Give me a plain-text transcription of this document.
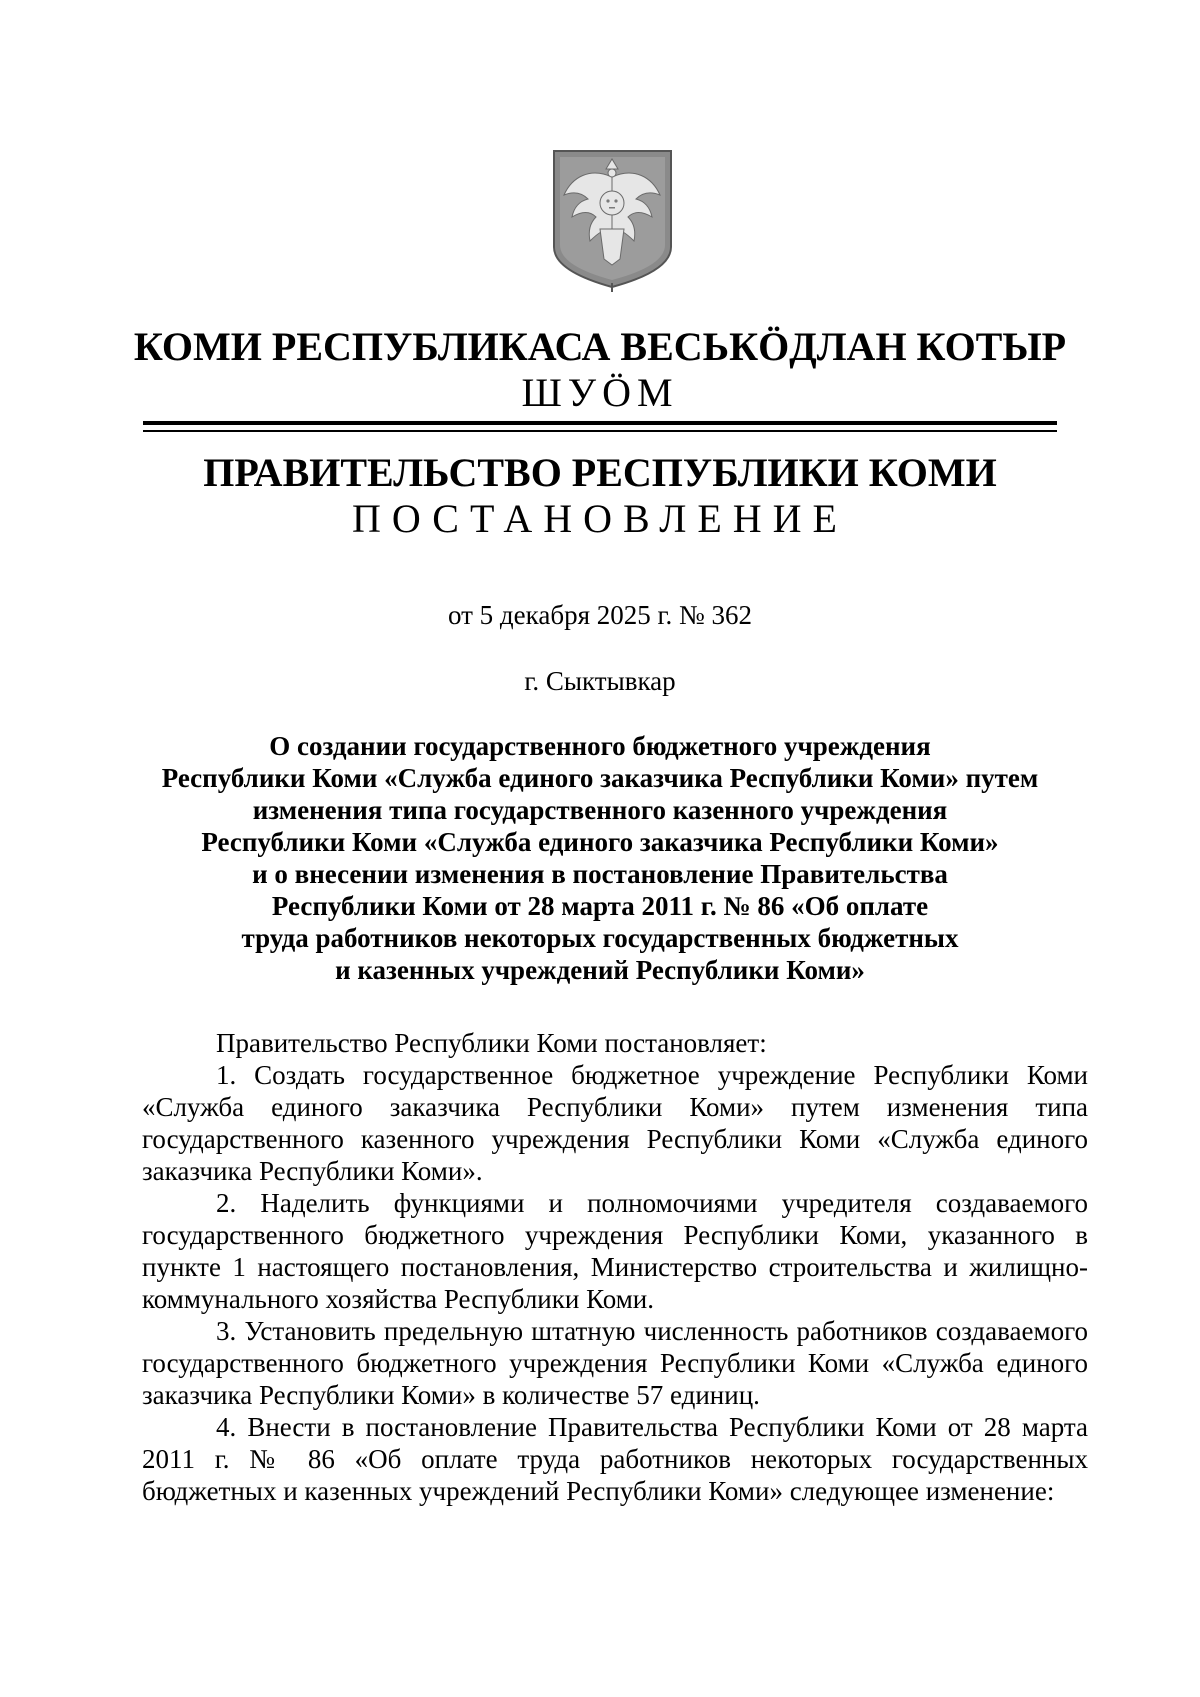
КОМИ РЕСПУБЛИКАСА ВЕСЬКӦДЛАН КОТЫР

ШУӦМ

ПРАВИТЕЛЬСТВО РЕСПУБЛИКИ КОМИ

ПОСТАНОВЛЕНИЕ

от 5 декабря 2025 г. № 362
г. Сыктывкар
О создании государственного бюджетного учреждения
Республики Коми «Служба единого заказчика Республики Коми» путем
изменения типа государственного казенного учреждения
Республики Коми «Служба единого заказчика Республики Коми»
и о внесении изменения в постановление Правительства
Республики Коми от 28 марта 2011 г. № 86 «Об оплате
труда работников некоторых государственных бюджетных
и казенных учреждений Республики Коми»

Правительство Республики Коми постановляет:

1. Создать государственное бюджетное учреждение Республики Коми «Служба единого заказчика Республики Коми» путем изменения типа государственного казенного учреждения Республики Коми «Служба единого заказчика Республики Коми».

2. Наделить функциями и полномочиями учредителя создаваемого государственного бюджетного учреждения Республики Коми, указанного в пункте 1 настоящего постановления, Министерство строительства и жилищно-коммунального хозяйства Республики Коми.

3. Установить предельную штатную численность работников создаваемого государственного бюджетного учреждения Республики Коми «Служба единого заказчика Республики Коми» в количестве 57 единиц.

4. Внести в постановление Правительства Республики Коми от 28 марта 2011 г. № 86 «Об оплате труда работников некоторых государственных бюджетных и казенных учреждений Республики Коми» следующее изменение:
